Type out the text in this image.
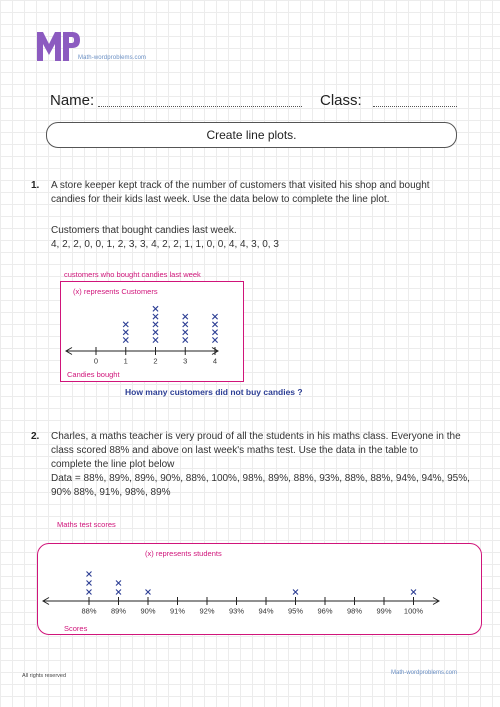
Math-wordproblems.com
Name:	Class:
Create line plots.
1. A store keeper kept track of the number of customers that visited his shop and bought
candies for their kids last week. Use the data below to complete the line plot.
Customers that bought candies last week.
4, 2, 2, 0, 0, 1, 2, 3, 3, 4, 2, 2, 1, 1, 0, 0, 4, 4, 3, 0, 3
customers who bought candies last week
(x) represents Customers
0	1	2	3	4
Candies bought
How many customers did not buy candies ?
2. Charles, a maths teacher is very proud of all the students in his maths class. Everyone in the
class scored 88% and above on last week's maths test. Use the data in the table to
complete the line plot below
Data = 88%, 89%, 89%, 90%, 88%, 100%, 98%, 89%, 88%, 93%, 88%, 88%, 94%, 94%, 95%,
90% 88%, 91%, 98%, 89%
Maths test scores
(x) represents students
88% 89% 90% 91% 92% 93% 94% 95% 96% 98% 99% 100%
Scores
All rights reserved	Math-wordproblems.com
